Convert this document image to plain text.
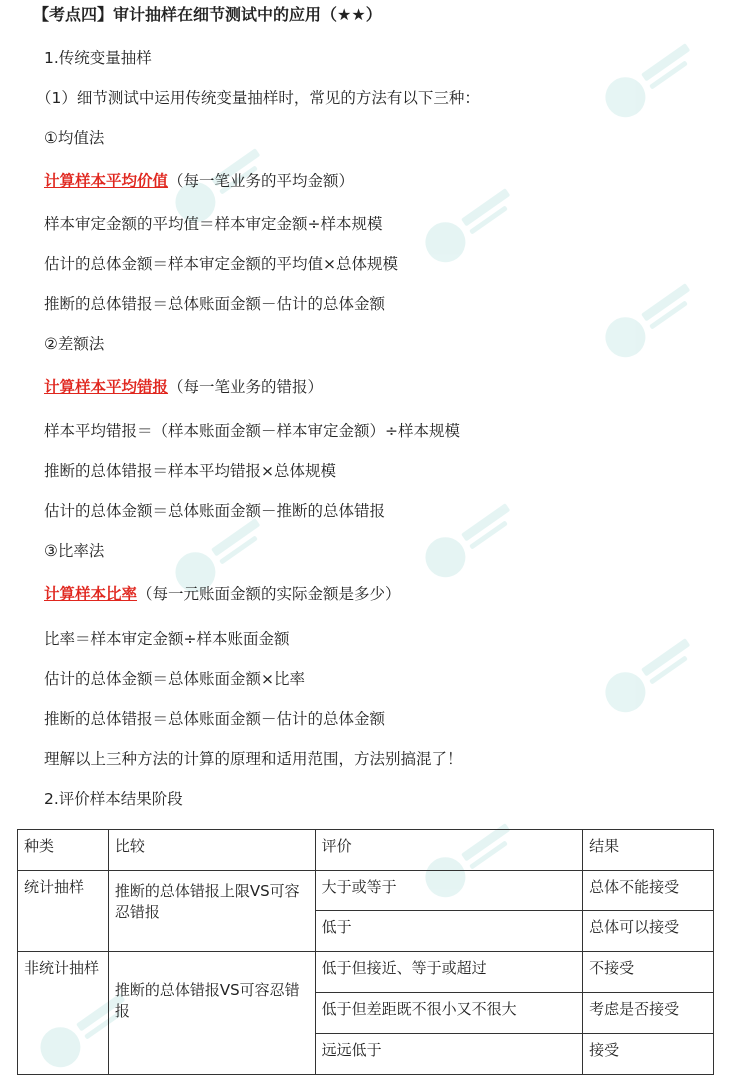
【考点四】审计抽样在细节测试中的应用（★★）
1.传统变量抽样
（1）细节测试中运用传统变量抽样时，常见的方法有以下三种：
①均值法
计算样本平均价值（每一笔业务的平均金额）
样本审定金额的平均值＝样本审定金额÷样本规模
估计的总体金额＝样本审定金额的平均值×总体规模
推断的总体错报＝总体账面金额－估计的总体金额
②差额法
计算样本平均错报（每一笔业务的错报）
样本平均错报＝（样本账面金额－样本审定金额）÷样本规模
推断的总体错报＝样本平均错报×总体规模
估计的总体金额＝总体账面金额－推断的总体错报
③比率法
计算样本比率（每一元账面金额的实际金额是多少）
比率＝样本审定金额÷样本账面金额
估计的总体金额＝总体账面金额×比率
推断的总体错报＝总体账面金额－估计的总体金额
理解以上三种方法的计算的原理和适用范围，方法别搞混了！
2.评价样本结果阶段
种类	比较	评价	结果
统计抽样	推断的总体错报上限VS可容忍错报	大于或等于	总体不能接受
		低于	总体可以接受
非统计抽样	推断的总体错报VS可容忍错报	低于但接近、等于或超过	不接受
		低于但差距既不很小又不很大	考虑是否接受
		远远低于	接受
